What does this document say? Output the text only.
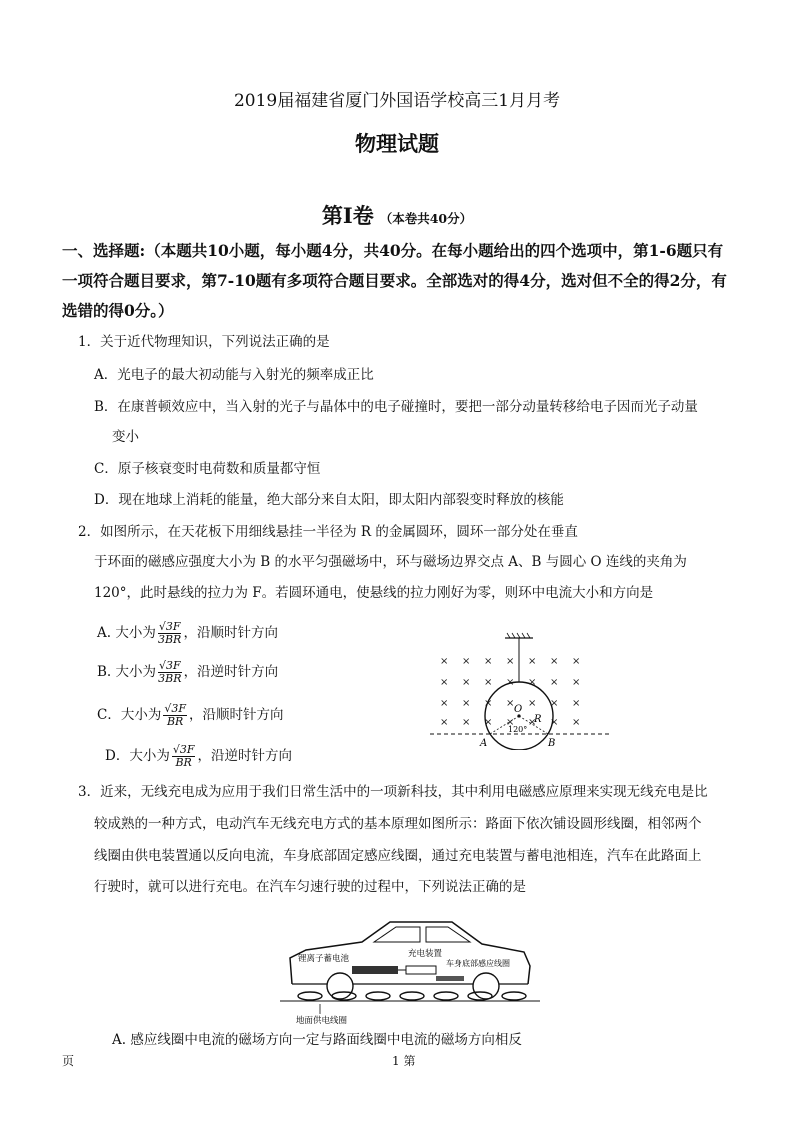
2019届福建省厦门外国语学校高三1月月考
物理试题
第Ⅰ卷 （本卷共40分）
一、选择题:（本题共10小题，每小题4分，共40分。在每小题给出的四个选项中，第1-6题只有一项符合题目要求，第7-10题有多项符合题目要求。全部选对的得4分，选对但不全的得2分，有选错的得0分。）
1．关于近代物理知识，下列说法正确的是
A．光电子的最大初动能与入射光的频率成正比
B．在康普顿效应中，当入射的光子与晶体中的电子碰撞时，要把一部分动量转移给电子因而光子动量
变小
C．原子核衰变时电荷数和质量都守恒
D．现在地球上消耗的能量，绝大部分来自太阳，即太阳内部裂变时释放的核能
2．如图所示，在天花板下用细线悬挂一半径为 R 的金属圆环，圆环一部分处在垂直
于环面的磁感应强度大小为 B 的水平匀强磁场中，环与磁场边界交点 A、B 与圆心 O 连线的夹角为
120°，此时悬线的拉力为 F。若圆环通电，使悬线的拉力刚好为零，则环中电流大小和方向是
A. 大小为 $\frac{√3F}{3BR}$ ，沿顺时针方向
B. 大小为 $\frac{√3F}{3BR}$ ，沿逆时针方向
C．大小为 $\frac{√3F}{BR}$ ，沿顺时针方向
D．大小为 $\frac{√3F}{BR}$ ，沿逆时针方向
× × × × × × ×
× × × × × × ×
× × × × × × ×
× × × × × × ×
O
R
120°
A	B
3．近来，无线充电成为应用于我们日常生活中的一项新科技，其中利用电磁感应原理来实现无线充电是比
较成熟的一种方式，电动汽车无线充电方式的基本原理如图所示：路面下依次铺设圆形线圈，相邻两个
线圈由供电装置通以反向电流，车身底部固定感应线圈，通过充电装置与蓄电池相连，汽车在此路面上
行驶时，就可以进行充电。在汽车匀速行驶的过程中，下列说法正确的是
锂离子蓄电池	充电装置
车身底部感应线圈
地面供电线圈
A. 感应线圈中电流的磁场方向一定与路面线圈中电流的磁场方向相反
页	1 第
